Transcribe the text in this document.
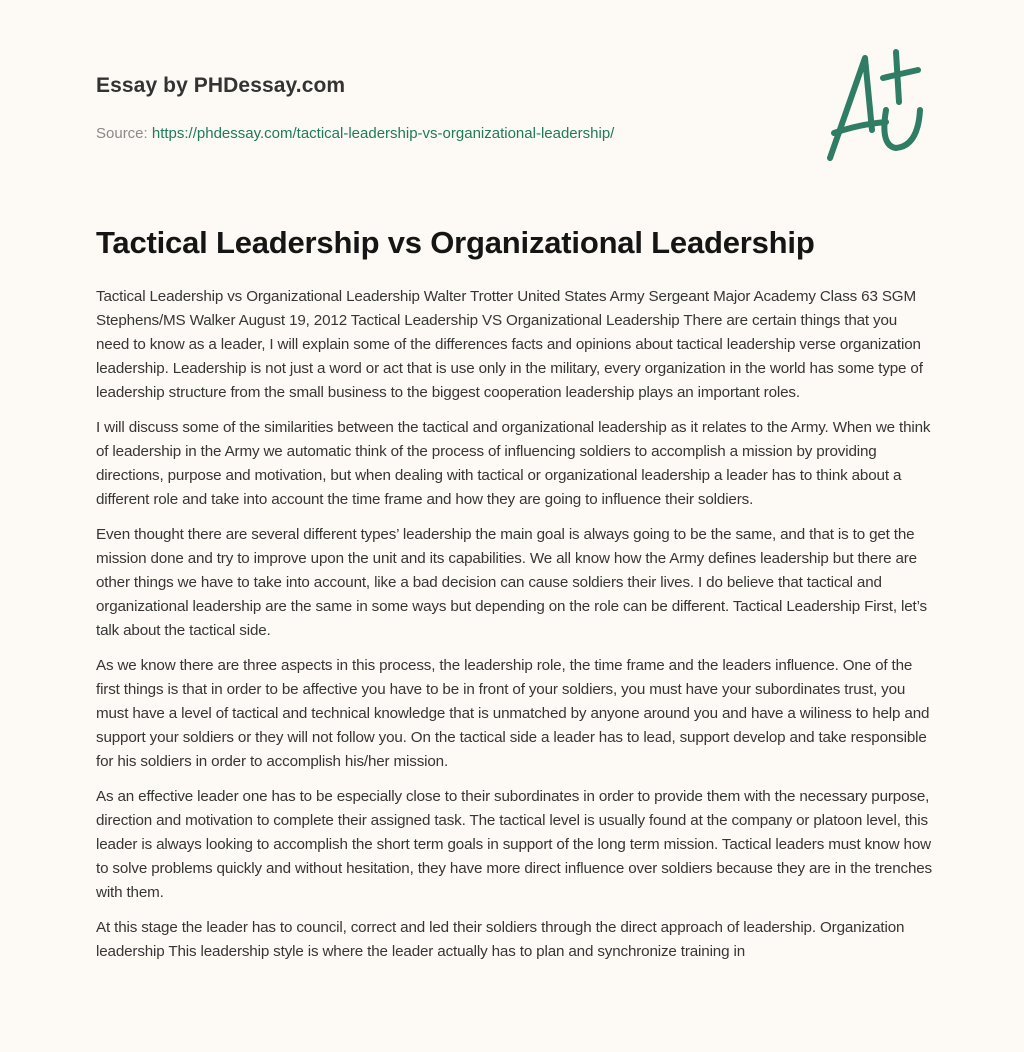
Essay by PHDessay.com
Source: https://phdessay.com/tactical-leadership-vs-organizational-leadership/
Tactical Leadership vs Organizational Leadership

Tactical Leadership vs Organizational Leadership Walter Trotter United States Army Sergeant Major Academy Class 63 SGM Stephens/MS Walker August 19, 2012 Tactical Leadership VS Organizational Leadership There are certain things that you need to know as a leader, I will explain some of the differences facts and opinions about tactical leadership verse organization leadership. Leadership is not just a word or act that is use only in the military, every organization in the world has some type of leadership structure from the small business to the biggest cooperation leadership plays an important roles.

I will discuss some of the similarities between the tactical and organizational leadership as it relates to the Army. When we think of leadership in the Army we automatic think of the process of influencing soldiers to accomplish a mission by providing directions, purpose and motivation, but when dealing with tactical or organizational leadership a leader has to think about a different role and take into account the time frame and how they are going to influence their soldiers.

Even thought there are several different types’ leadership the main goal is always going to be the same, and that is to get the mission done and try to improve upon the unit and its capabilities. We all know how the Army defines leadership but there are other things we have to take into account, like a bad decision can cause soldiers their lives. I do believe that tactical and organizational leadership are the same in some ways but depending on the role can be different. Tactical Leadership First, let’s talk about the tactical side.

As we know there are three aspects in this process, the leadership role, the time frame and the leaders influence. One of the first things is that in order to be affective you have to be in front of your soldiers, you must have your subordinates trust, you must have a level of tactical and technical knowledge that is unmatched by anyone around you and have a wiliness to help and support your soldiers or they will not follow you. On the tactical side a leader has to lead, support develop and take responsible for his soldiers in order to accomplish his/her mission.

As an effective leader one has to be especially close to their subordinates in order to provide them with the necessary purpose, direction and motivation to complete their assigned task. The tactical level is usually found at the company or platoon level, this leader is always looking to accomplish the short term goals in support of the long term mission. Tactical leaders must know how to solve problems quickly and without hesitation, they have more direct influence over soldiers because they are in the trenches with them.

At this stage the leader has to council, correct and led their soldiers through the direct approach of leadership. Organization leadership This leadership style is where the leader actually has to plan and synchronize training in
